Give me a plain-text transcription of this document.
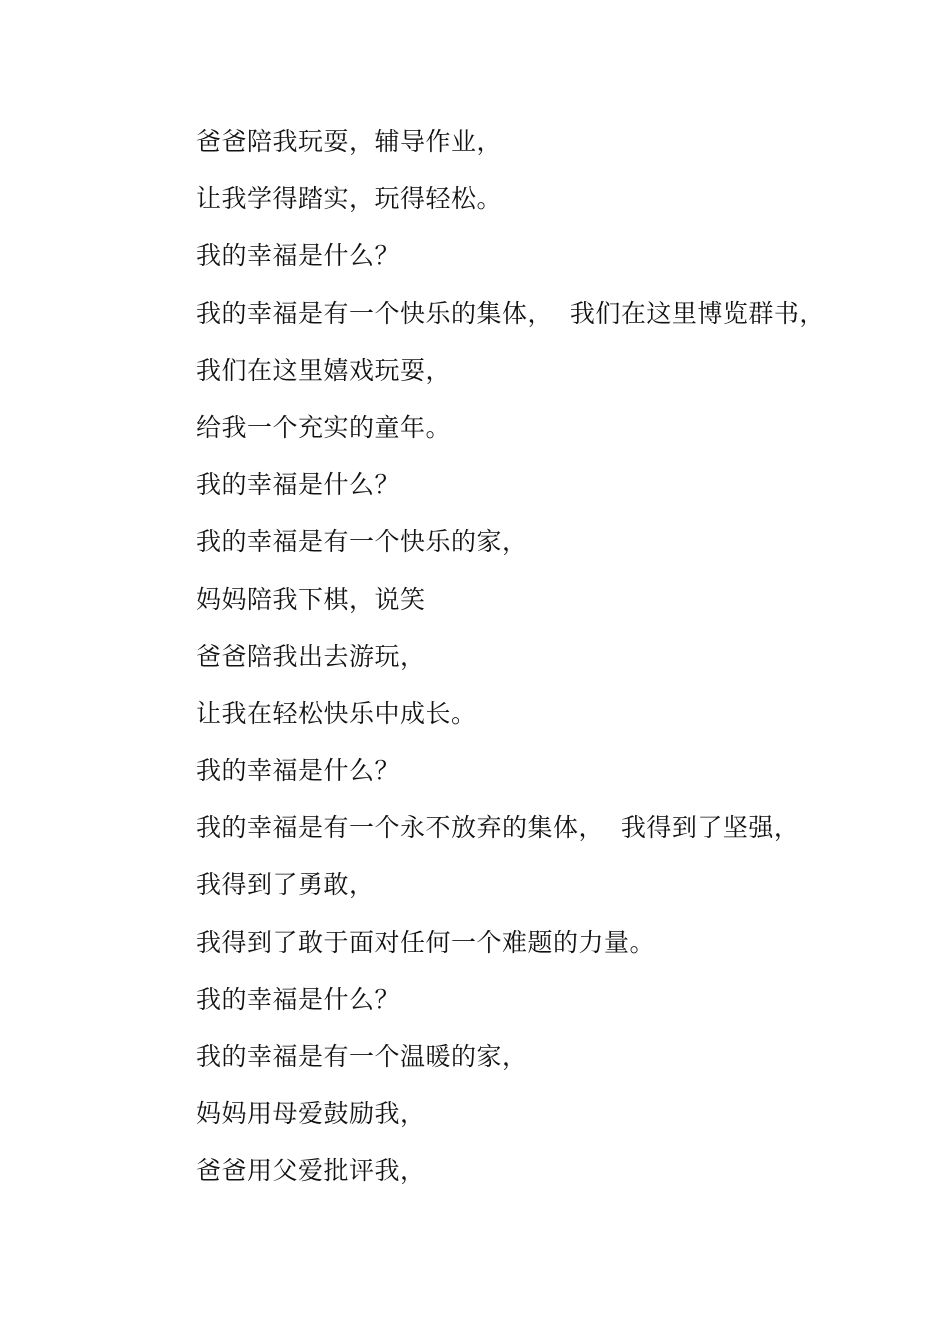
爸爸陪我玩耍，辅导作业，
让我学得踏实，玩得轻松。
我的幸福是什么？
我的幸福是有一个快乐的集体，  我们在这里博览群书，
我们在这里嬉戏玩耍，
给我一个充实的童年。
我的幸福是什么？
我的幸福是有一个快乐的家，
妈妈陪我下棋，说笑
爸爸陪我出去游玩，
让我在轻松快乐中成长。
我的幸福是什么？
我的幸福是有一个永不放弃的集体，  我得到了坚强，
我得到了勇敢，
我得到了敢于面对任何一个难题的力量。
我的幸福是什么？
我的幸福是有一个温暖的家，
妈妈用母爱鼓励我，
爸爸用父爱批评我，
